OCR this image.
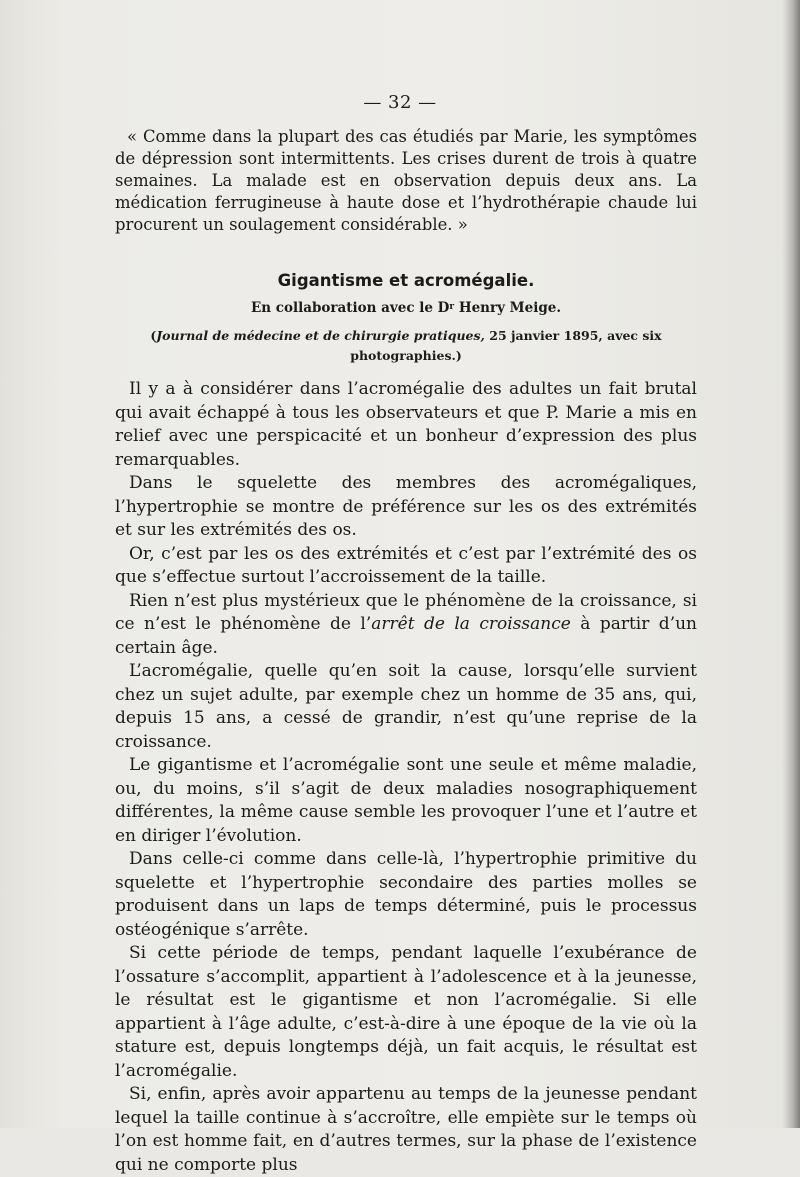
— 32 —

« Comme dans la plupart des cas étudiés par Marie, les symptômes de dépression sont intermittents. Les crises durent de trois à quatre semaines. La malade est en observation depuis deux ans. La médication ferrugineuse à haute dose et l’hydrothérapie chaude lui procurent un soulagement considérable. »

Gigantisme et acromégalie.
En collaboration avec le $D^r$ Henry Meige.
(Journal de médecine et de chirurgie pratiques, 25 janvier 1895, avec six photographies.)

Il y a à considérer dans l’acromégalie des adultes un fait brutal qui avait échappé à tous les observateurs et que P. Marie a mis en relief avec une perspicacité et un bonheur d’expression des plus remarquables.

Dans le squelette des membres des acromégaliques, l’hypertrophie se montre de préférence sur les os des extrémités et sur les extrémités des os.

Or, c’est par les os des extrémités et c’est par l’extrémité des os que s’effectue surtout l’accroissement de la taille.

Rien n’est plus mystérieux que le phénomène de la croissance, si ce n’est le phénomène de l’arrêt de la croissance à partir d’un certain âge.

L’acromégalie, quelle qu’en soit la cause, lorsqu’elle survient chez un sujet adulte, par exemple chez un homme de 35 ans, qui, depuis 15 ans, a cessé de grandir, n’est qu’une reprise de la croissance.

Le gigantisme et l’acromégalie sont une seule et même maladie, ou, du moins, s’il s’agit de deux maladies nosographiquement différentes, la même cause semble les provoquer l’une et l’autre et en diriger l’évolution.

Dans celle-ci comme dans celle-là, l’hypertrophie primitive du squelette et l’hypertrophie secondaire des parties molles se produisent dans un laps de temps déterminé, puis le processus ostéogénique s’arrête.

Si cette période de temps, pendant laquelle l’exubérance de l’ossature s’accomplit, appartient à l’adolescence et à la jeunesse, le résultat est le gigantisme et non l’acromégalie. Si elle appartient à l’âge adulte, c’est-à-dire à une époque de la vie où la stature est, depuis longtemps déjà, un fait acquis, le résultat est l’acromégalie.

Si, enfin, après avoir appartenu au temps de la jeunesse pendant lequel la taille continue à s’accroître, elle empiète sur le temps où l’on est homme fait, en d’autres termes, sur la phase de l’existence qui ne comporte plus
